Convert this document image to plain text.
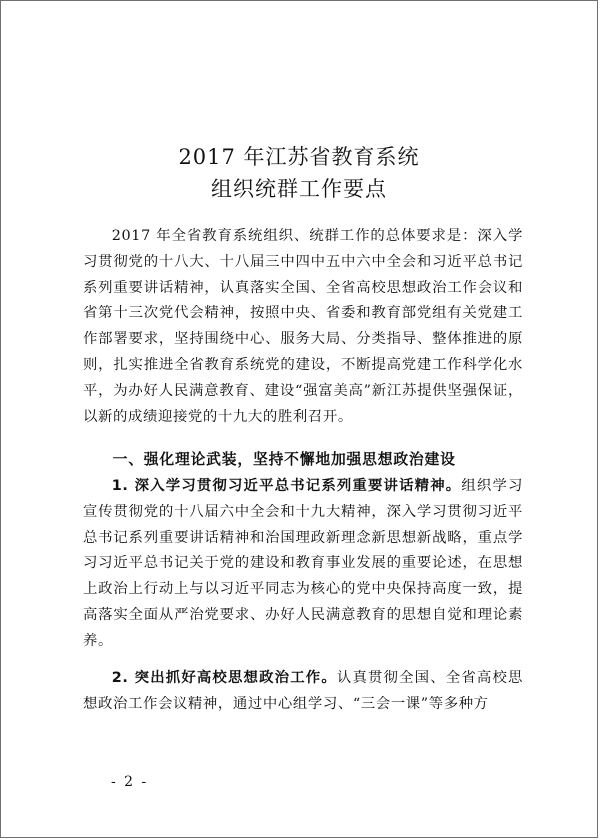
2017 年江苏省教育系统
组织统群工作要点

2017 年全省教育系统组织、统群工作的总体要求是：深入学习贯彻党的十八大、十八届三中四中五中六中全会和习近平总书记系列重要讲话精神，认真落实全国、全省高校思想政治工作会议和省第十三次党代会精神，按照中央、省委和教育部党组有关党建工作部署要求，坚持围绕中心、服务大局、分类指导、整体推进的原则，扎实推进全省教育系统党的建设，不断提高党建工作科学化水平，为办好人民满意教育、建设“强富美高”新江苏提供坚强保证，以新的成绩迎接党的十九大的胜利召开。

一、强化理论武装，坚持不懈地加强思想政治建设

1. 深入学习贯彻习近平总书记系列重要讲话精神。组织学习宣传贯彻党的十八届六中全会和十九大精神，深入学习贯彻习近平总书记系列重要讲话精神和治国理政新理念新思想新战略，重点学习习近平总书记关于党的建设和教育事业发展的重要论述，在思想上政治上行动上与以习近平同志为核心的党中央保持高度一致，提高落实全面从严治党要求、办好人民满意教育的思想自觉和理论素养。

2. 突出抓好高校思想政治工作。认真贯彻全国、全省高校思想政治工作会议精神，通过中心组学习、“三会一课”等多种方

- 2 -
